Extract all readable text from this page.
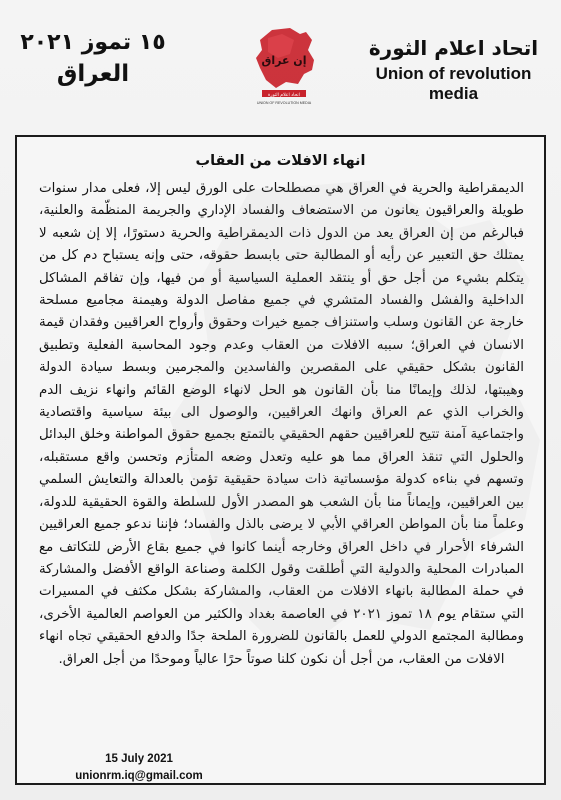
١٥ تموز ٢٠٢١
العراق
إن عراق
اتحاد اعلام الثورة
UNION OF REVOLUTION MEDIA
اتحاد اعلام الثورة
Union of revolution media
انهاء الافلات من العقاب
الديمقراطية والحرية في العراق هي مصطلحات على الورق ليس إلا، فعلى مدار سنوات طويلة والعراقيون يعانون من الاستضعاف والفساد الإداري والجريمة المنظّمة والعلنية، فبالرغم من إن العراق يعد من الدول ذات الديمقراطية والحرية دستورًا، إلا إن شعبه لا يمتلك حق التعبير عن رأيه أو المطالبة حتى بابسط حقوقه، حتى وإنه يستباح دم كل من يتكلم بشيء من أجل حق أو ينتقد العملية السياسية أو من فيها، وإن تفاقم المشاكل الداخلية والفشل والفساد المتشري في جميع مفاصل الدولة وهيمنة مجاميع مسلحة خارجة عن القانون وسلب واستنزاف جميع خيرات وحقوق وأرواح العراقيين وفقدان قيمة الانسان في العراق؛ سببه الافلات من العقاب وعدم وجود المحاسبة الفعلية وتطبيق القانون بشكل حقيقي على المقصرين والفاسدين والمجرمين وبسط سيادة الدولة وهيبتها، لذلك وإيمانًا منا بأن القانون هو الحل لانهاء الوضع القائم وانهاء نزيف الدم والخراب الذي عم العراق وانهك العراقيين، والوصول الى بيئة سياسية واقتصادية واجتماعية آمنة تتيح للعراقيين حقهم الحقيقي بالتمتع بجميع حقوق المواطنة وخلق البدائل والحلول التي تنقذ العراق مما هو عليه وتعدل وضعه المتأزم وتحسن واقع مستقبله، وتسهم في بناءه كدولة مؤسساتية ذات سيادة حقيقية تؤمن بالعدالة والتعايش السلمي بين العراقيين، وإيماناً منا بأن الشعب هو المصدر الأول للسلطة والقوة الحقيقية للدولة، وعلماً منا بأن المواطن العراقي الأبي لا يرضى بالذل والفساد؛ فإننا ندعو جميع العراقيين الشرفاء الأحرار في داخل العراق وخارجه أينما كانوا في جميع بقاع الأرض للتكاتف مع المبادرات المحلية والدولية التي أطلقت وقول الكلمة وصناعة الواقع الأفضل والمشاركة في حملة المطالبة بانهاء الافلات من العقاب، والمشاركة بشكل مكثف في المسيرات التي ستقام يوم ١٨ تموز ٢٠٢١ في العاصمة بغداد والكثير من العواصم العالمية الأخرى، ومطالبة المجتمع الدولي للعمل بالقانون للضرورة الملحة جدًا والدفع الحقيقي تجاه انهاء الافلات من العقاب، من أجل أن نكون كلنا صوتاً حرًا عالياً وموحدًا من أجل العراق.
15 July 2021
unionrm.iq@gmail.com
